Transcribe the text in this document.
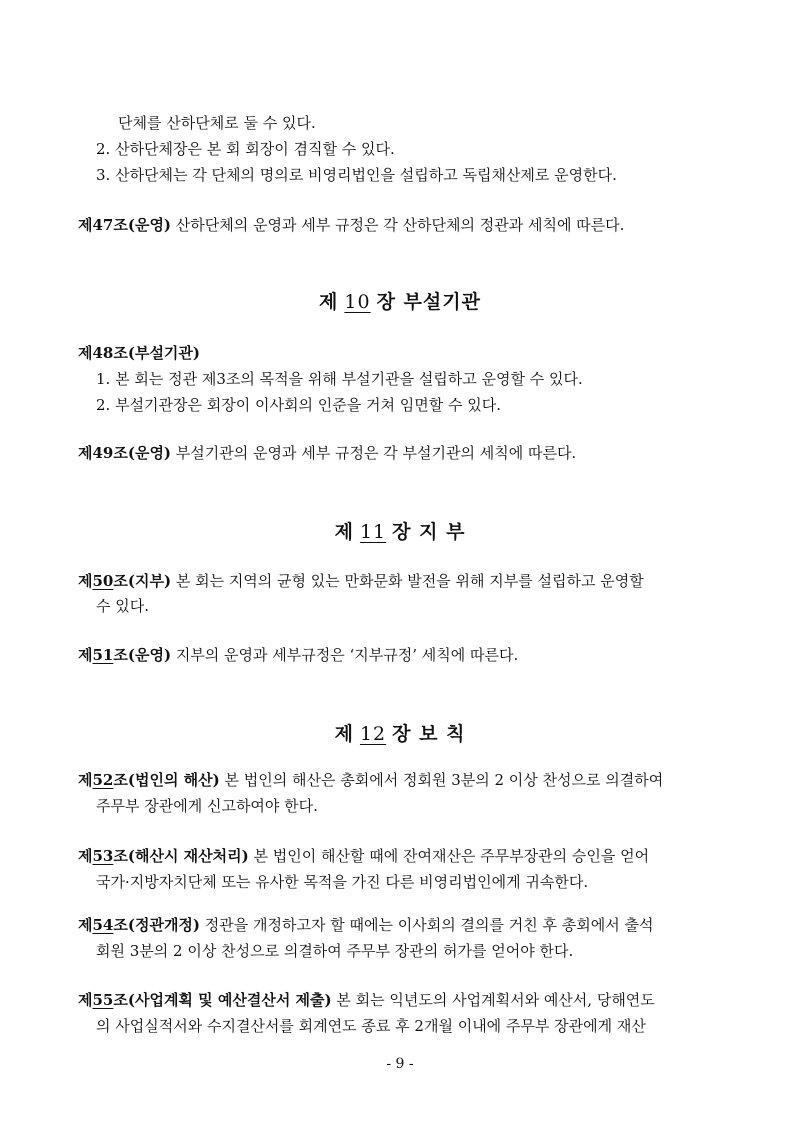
단체를 산하단체로 둘 수 있다.
2. 산하단체장은 본 회 회장이 겸직할 수 있다.
3. 산하단체는 각 단체의 명의로 비영리법인을 설립하고 독립채산제로 운영한다.
제47조(운영) 산하단체의 운영과 세부 규정은 각 산하단체의 정관과 세칙에 따른다.
제 10 장 부설기관
제48조(부설기관)
1. 본 회는 정관 제3조의 목적을 위해 부설기관을 설립하고 운영할 수 있다.
2. 부설기관장은 회장이 이사회의 인준을 거쳐 임면할 수 있다.
제49조(운영) 부설기관의 운영과 세부 규정은 각 부설기관의 세칙에 따른다.
제 11 장 지 부
제50조(지부) 본 회는 지역의 균형 있는 만화문화 발전을 위해 지부를 설립하고 운영할
수 있다.
제51조(운영) 지부의 운영과 세부규정은 ‘지부규정’ 세칙에 따른다.
제 12 장 보 칙
제52조(법인의 해산) 본 법인의 해산은 총회에서 정회원 3분의 2 이상 찬성으로 의결하여
주무부 장관에게 신고하여야 한다.
제53조(해산시 재산처리) 본 법인이 해산할 때에 잔여재산은 주무부장관의 승인을 얻어
국가·지방자치단체 또는 유사한 목적을 가진 다른 비영리법인에게 귀속한다.
제54조(정관개정) 정관을 개정하고자 할 때에는 이사회의 결의를 거친 후 총회에서 출석
회원 3분의 2 이상 찬성으로 의결하여 주무부 장관의 허가를 얻어야 한다.
제55조(사업계획 및 예산결산서 제출) 본 회는 익년도의 사업계획서와 예산서, 당해연도
의 사업실적서와 수지결산서를 회계연도 종료 후 2개월 이내에 주무부 장관에게 재산
- 9 -
